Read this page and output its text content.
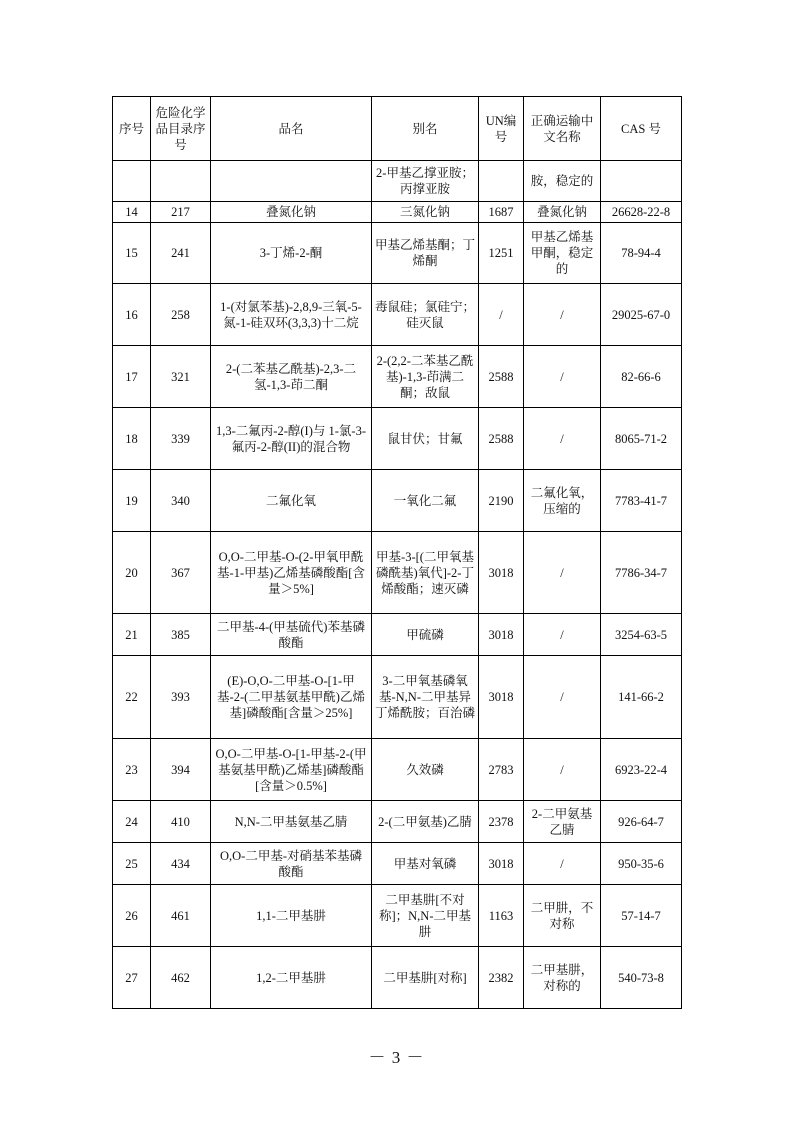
序号	危险化学品目录序号	品名	别名	UN编号	正确运输中文名称	CAS 号
			2-甲基乙撑亚胺；丙撑亚胺		胺，稳定的	
14	217	叠氮化钠	三氮化钠	1687	叠氮化钠	26628-22-8
15	241	3-丁烯-2-酮	甲基乙烯基酮；丁烯酮	1251	甲基乙烯基甲酮，稳定的	78-94-4
16	258	1-(对氯苯基)-2,8,9-三氧-5-氮-1-硅双环(3,3,3)十二烷	毒鼠硅；氯硅宁；硅灭鼠	/	/	29025-67-0
17	321	2-(二苯基乙酰基)-2,3-二氢-1,3-茚二酮	2-(2,2-二苯基乙酰基)-1,3-茚满二酮；敌鼠	2588	/	82-66-6
18	339	1,3-二氟丙-2-醇(I)与 1-氯-3-氟丙-2-醇(II)的混合物	鼠甘伏；甘氟	2588	/	8065-71-2
19	340	二氟化氧	一氧化二氟	2190	二氟化氧，压缩的	7783-41-7
20	367	O,O-二甲基-O-(2-甲氧甲酰基-1-甲基)乙烯基磷酸酯[含量＞5%]	甲基-3-[(二甲氧基磷酰基)氧代]-2-丁烯酸酯；速灭磷	3018	/	7786-34-7
21	385	二甲基-4-(甲基硫代)苯基磷酸酯	甲硫磷	3018	/	3254-63-5
22	393	(E)-O,O-二甲基-O-[1-甲基-2-(二甲基氨基甲酰)乙烯基]磷酸酯[含量＞25%]	3-二甲氧基磷氧基-N,N-二甲基异丁烯酰胺；百治磷	3018	/	141-66-2
23	394	O,O-二甲基-O-[1-甲基-2-(甲基氨基甲酰)乙烯基]磷酸酯[含量＞0.5%]	久效磷	2783	/	6923-22-4
24	410	N,N-二甲基氨基乙腈	2-(二甲氨基)乙腈	2378	2-二甲氨基乙腈	926-64-7
25	434	O,O-二甲基-对硝基苯基磷酸酯	甲基对氧磷	3018	/	950-35-6
26	461	1,1-二甲基肼	二甲基肼[不对称]；N,N-二甲基肼	1163	二甲肼，不对称	57-14-7
27	462	1,2-二甲基肼	二甲基肼[对称]	2382	二甲基肼，对称的	540-73-8
－ 3 －
